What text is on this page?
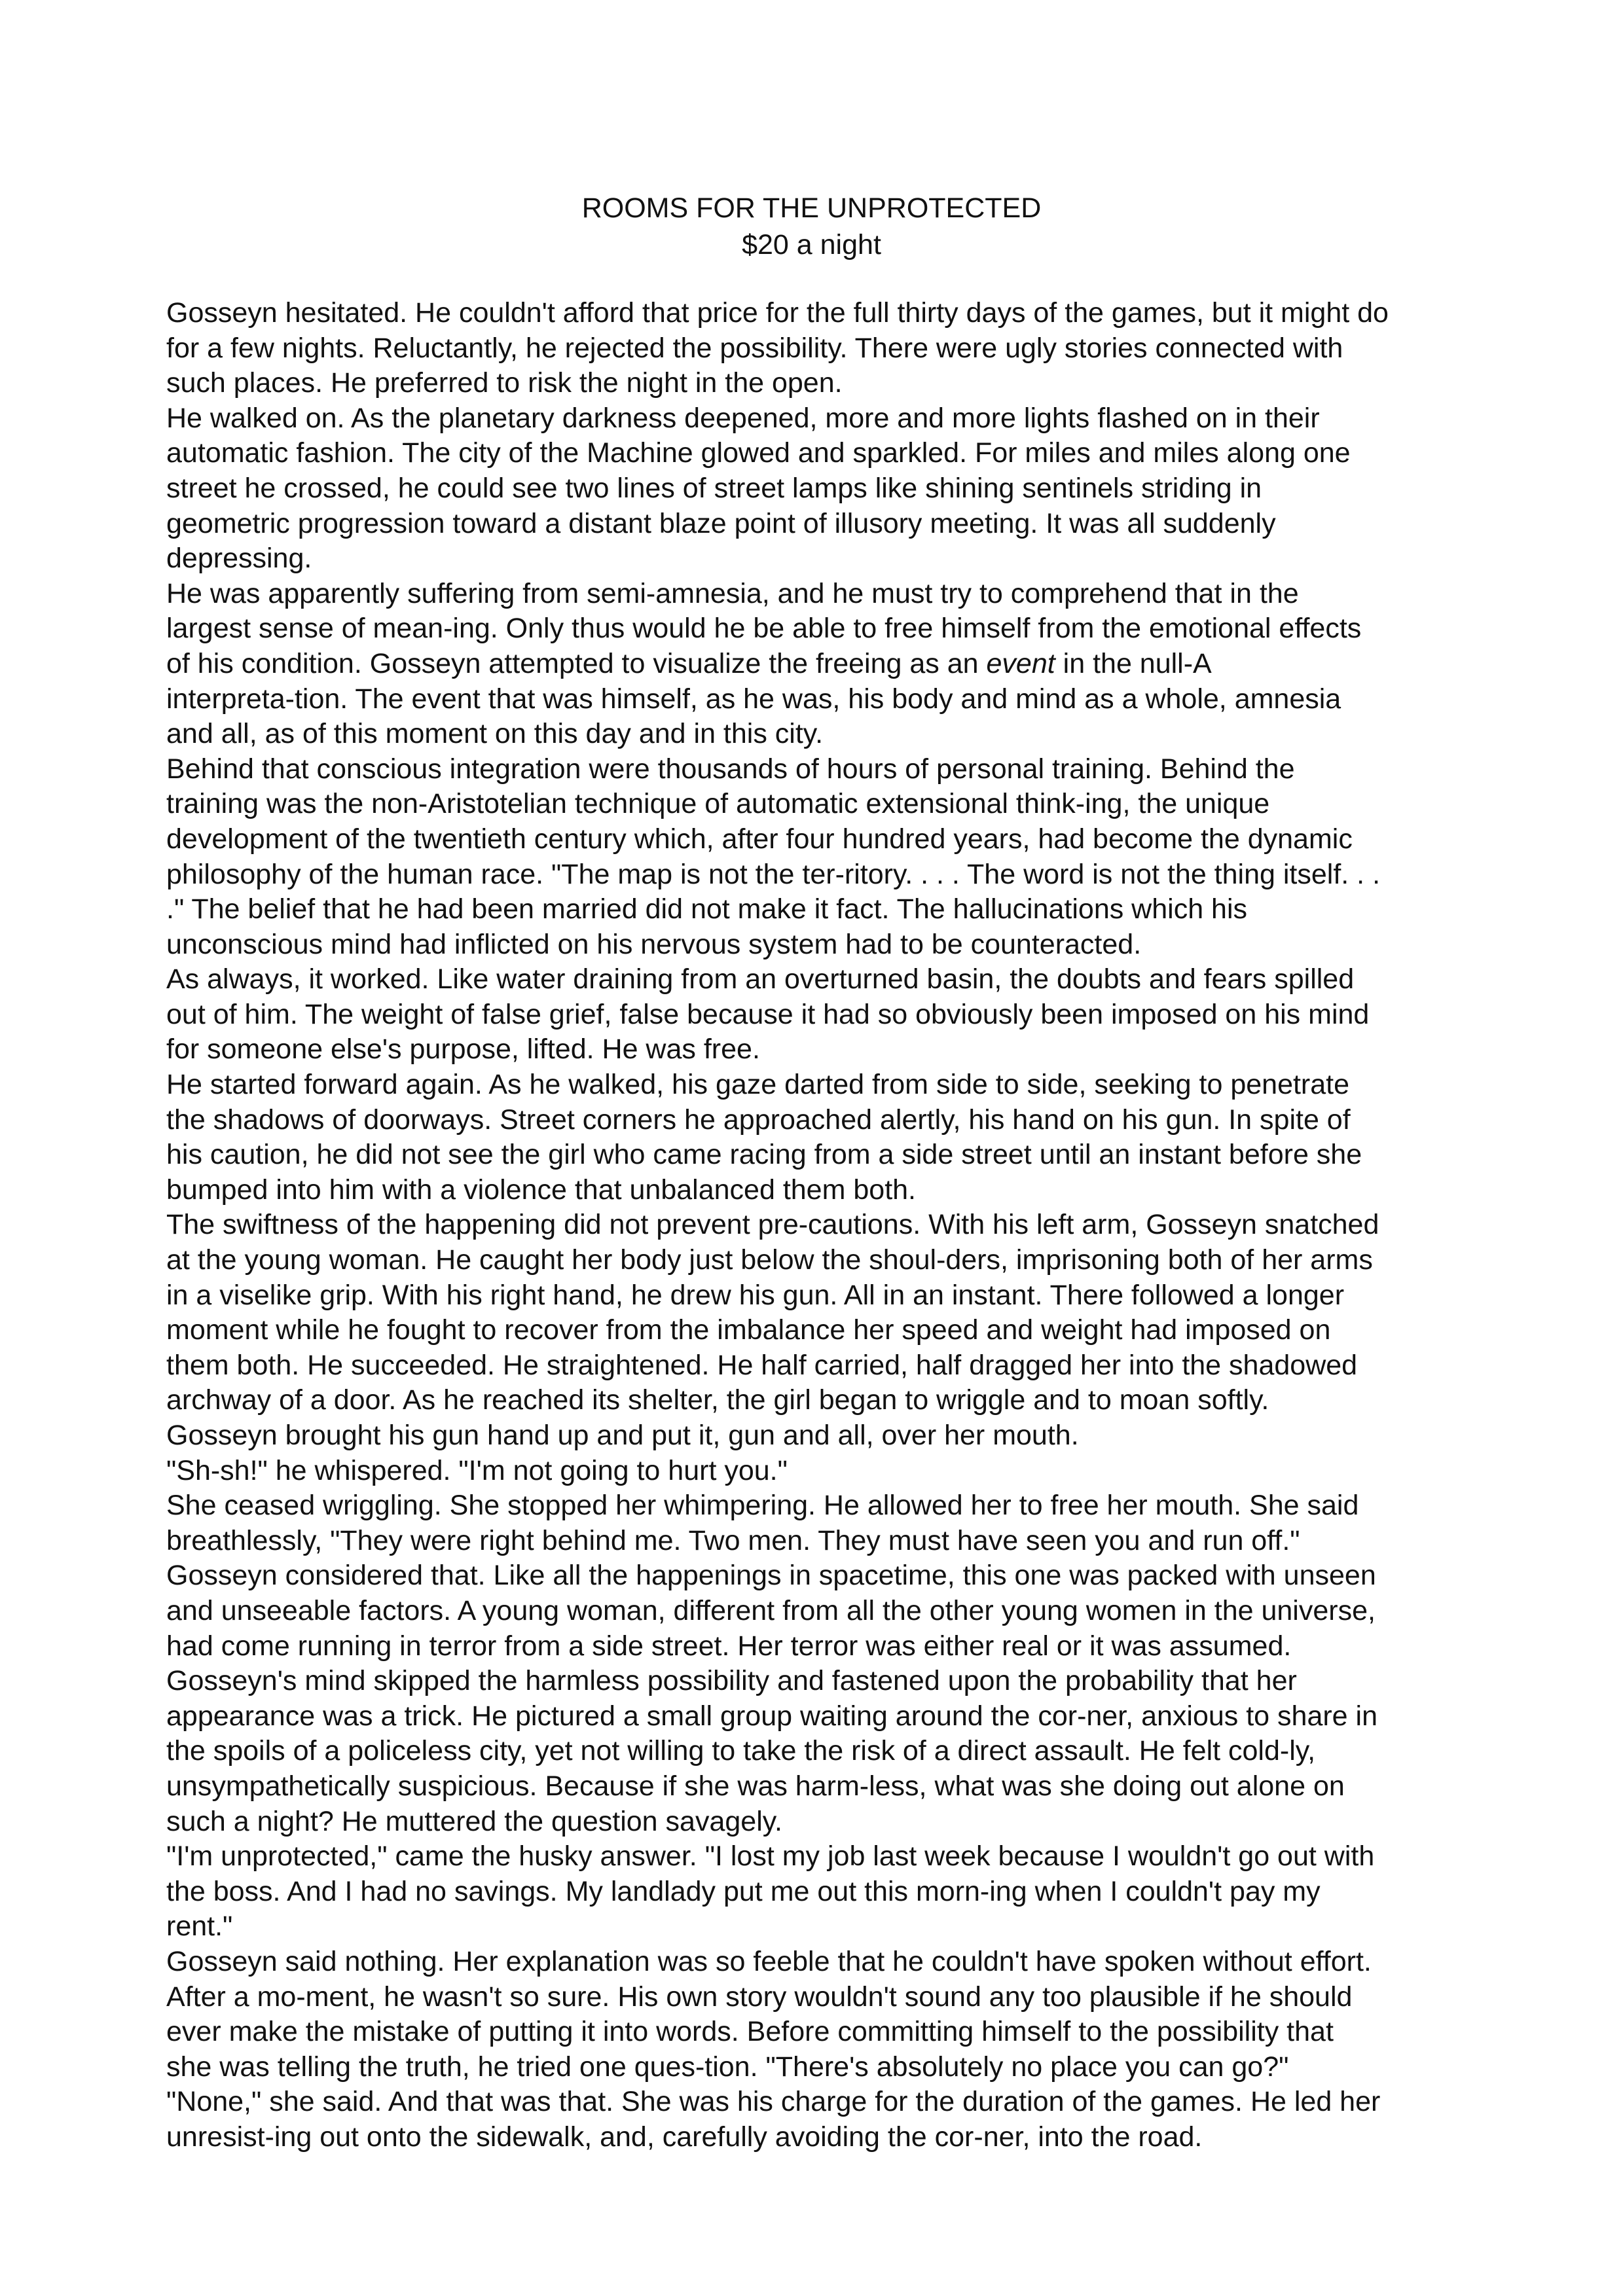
ROOMS FOR THE UNPROTECTED
$20 a night
Gosseyn hesitated. He couldn't afford that price for the full thirty days of the games, but it might do
for a few nights. Reluctantly, he rejected the possibility. There were ugly stories connected with
such places. He preferred to risk the night in the open.
He walked on. As the planetary darkness deepened, more and more lights flashed on in their
automatic fashion. The city of the Machine glowed and sparkled. For miles and miles along one
street he crossed, he could see two lines of street lamps like shining sentinels striding in
geometric progression toward a distant blaze point of illusory meeting. It was all suddenly
depressing.
He was apparently suffering from semi-amnesia, and he must try to comprehend that in the
largest sense of mean-ing. Only thus would he be able to free himself from the emotional effects
of his condition. Gosseyn attempted to visualize the freeing as an event in the null-A
interpreta-tion. The event that was himself, as he was, his body and mind as a whole, amnesia
and all, as of this moment on this day and in this city.
Behind that conscious integration were thousands of hours of personal training. Behind the
training was the non-Aristotelian technique of automatic extensional think-ing, the unique
development of the twentieth century which, after four hundred years, had become the dynamic
philosophy of the human race. "The map is not the ter-ritory. . . . The word is not the thing itself. . .
." The belief that he had been married did not make it fact. The hallucinations which his
unconscious mind had inflicted on his nervous system had to be counteracted.
As always, it worked. Like water draining from an overturned basin, the doubts and fears spilled
out of him. The weight of false grief, false because it had so obviously been imposed on his mind
for someone else's purpose, lifted. He was free.
He started forward again. As he walked, his gaze darted from side to side, seeking to penetrate
the shadows of doorways. Street corners he approached alertly, his hand on his gun. In spite of
his caution, he did not see the girl who came racing from a side street until an instant before she
bumped into him with a violence that unbalanced them both.
The swiftness of the happening did not prevent pre-cautions. With his left arm, Gosseyn snatched
at the young woman. He caught her body just below the shoul-ders, imprisoning both of her arms
in a viselike grip. With his right hand, he drew his gun. All in an instant. There followed a longer
moment while he fought to recover from the imbalance her speed and weight had imposed on
them both. He succeeded. He straightened. He half carried, half dragged her into the shadowed
archway of a door. As he reached its shelter, the girl began to wriggle and to moan softly.
Gosseyn brought his gun hand up and put it, gun and all, over her mouth.
"Sh-sh!" he whispered. "I'm not going to hurt you."
She ceased wriggling. She stopped her whimpering. He allowed her to free her mouth. She said
breathlessly, "They were right behind me. Two men. They must have seen you and run off."
Gosseyn considered that. Like all the happenings in spacetime, this one was packed with unseen
and unseeable factors. A young woman, different from all the other young women in the universe,
had come running in terror from a side street. Her terror was either real or it was assumed.
Gosseyn's mind skipped the harmless possibility and fastened upon the probability that her
appearance was a trick. He pictured a small group waiting around the cor-ner, anxious to share in
the spoils of a policeless city, yet not willing to take the risk of a direct assault. He felt cold-ly,
unsympathetically suspicious. Because if she was harm-less, what was she doing out alone on
such a night? He muttered the question savagely.
"I'm unprotected," came the husky answer. "I lost my job last week because I wouldn't go out with
the boss. And I had no savings. My landlady put me out this morn-ing when I couldn't pay my
rent."
Gosseyn said nothing. Her explanation was so feeble that he couldn't have spoken without effort.
After a mo-ment, he wasn't so sure. His own story wouldn't sound any too plausible if he should
ever make the mistake of putting it into words. Before committing himself to the possibility that
she was telling the truth, he tried one ques-tion. "There's absolutely no place you can go?"
"None," she said. And that was that. She was his charge for the duration of the games. He led her
unresist-ing out onto the sidewalk, and, carefully avoiding the cor-ner, into the road.
